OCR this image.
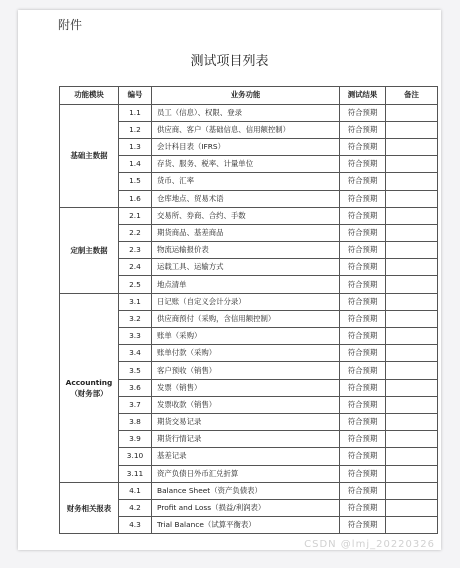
附件
测试项目列表
功能模块	编号	业务功能	测试结果	备注
基础主数据	1.1	员工（信息）、权限、登录	符合预期	
	1.2	供应商、客户（基础信息、信用额控制）	符合预期	
	1.3	会计科目表（IFRS）	符合预期	
	1.4	存货、服务、税率、计量单位	符合预期	
	1.5	货币、汇率	符合预期	
	1.6	仓库地点、贸易术语	符合预期	
定制主数据	2.1	交易所、券商、合约、手数	符合预期	
	2.2	期货商品、基差商品	符合预期	
	2.3	物流运输报价表	符合预期	
	2.4	运载工具、运输方式	符合预期	
	2.5	地点清单	符合预期	
Accounting（财务部）	3.1	日记账（自定义会计分录）	符合预期	
	3.2	供应商预付（采购，含信用额控制）	符合预期	
	3.3	账单（采购）	符合预期	
	3.4	账单付款（采购）	符合预期	
	3.5	客户预收（销售）	符合预期	
	3.6	发票（销售）	符合预期	
	3.7	发票收款（销售）	符合预期	
	3.8	期货交易记录	符合预期	
	3.9	期货行情记录	符合预期	
	3.10	基差记录	符合预期	
	3.11	资产负债日外币汇兑折算	符合预期	
财务相关报表	4.1	Balance Sheet（资产负债表）	符合预期	
	4.2	Profit and Loss（损益/利润表）	符合预期	
	4.3	Trial Balance（试算平衡表）	符合预期	
CSDN @lmj_20220326
